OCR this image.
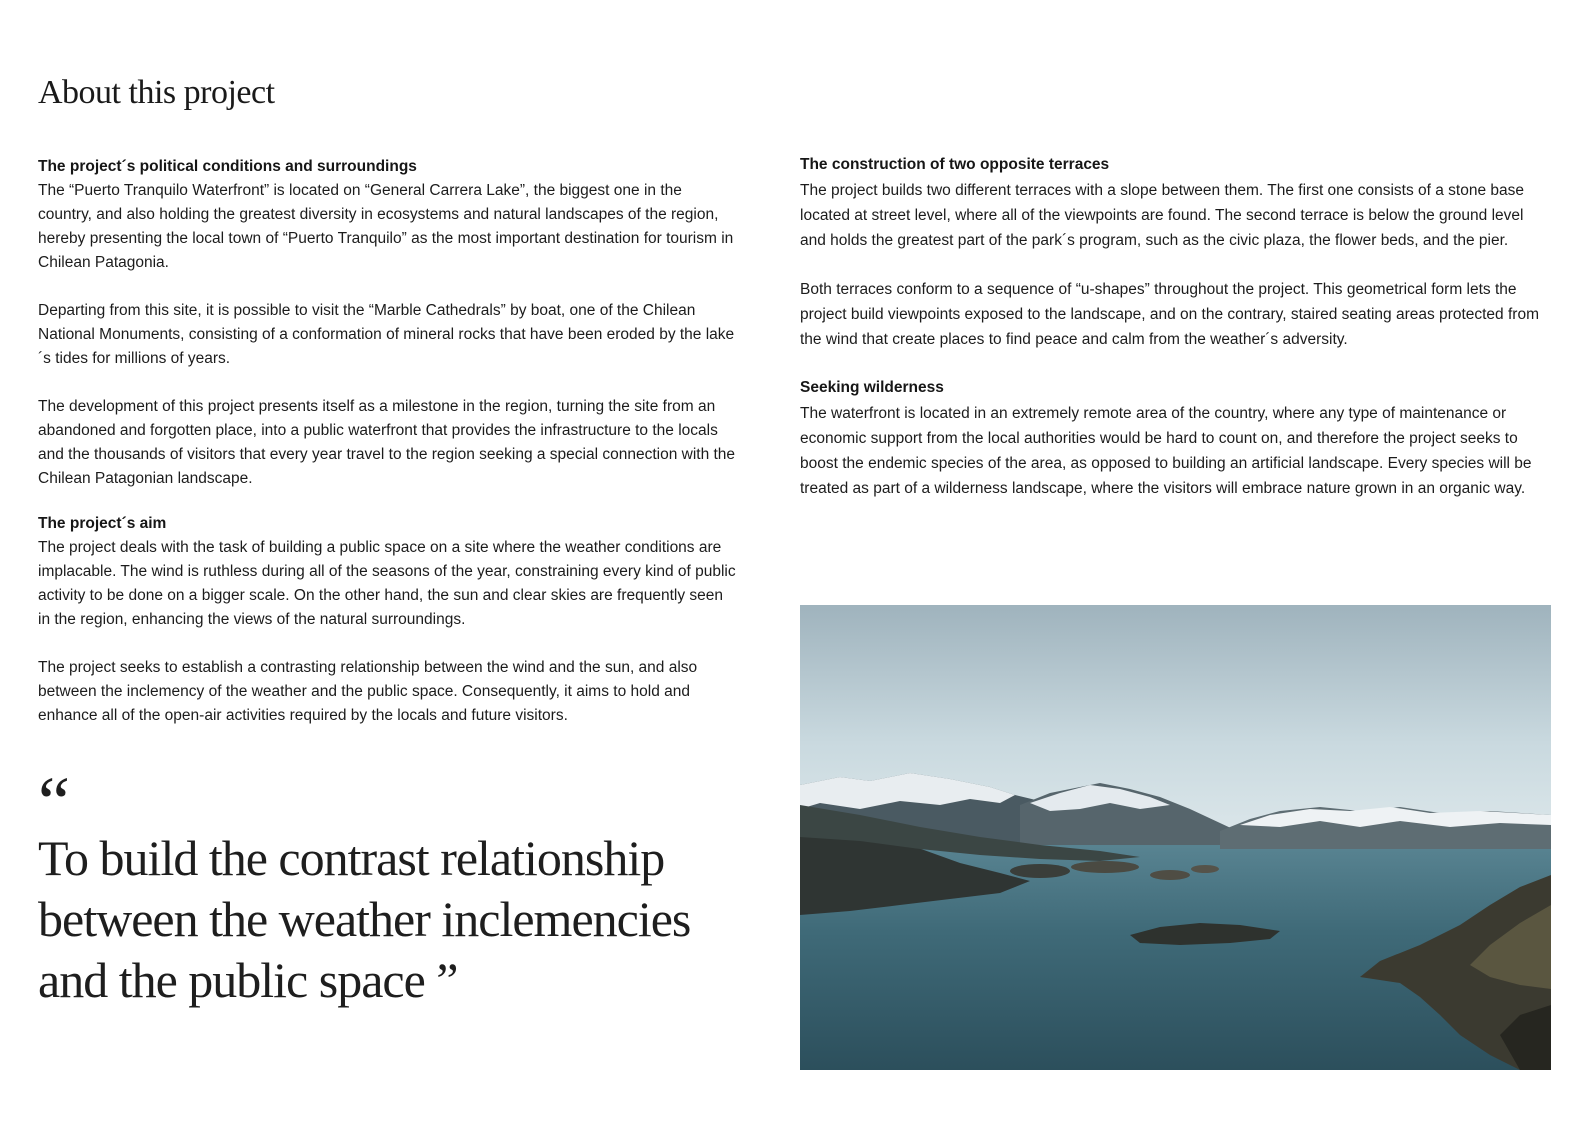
About this project
The project´s political conditions and surroundings

The “Puerto Tranquilo Waterfront” is located on “General Carrera Lake”, the biggest one in the country, and also holding the greatest diversity in ecosystems and natural landscapes of the region, hereby presenting the local town of “Puerto Tranquilo” as the most important destination for tourism in Chilean Patagonia.

Departing from this site, it is possible to visit the “Marble Cathedrals” by boat, one of the Chilean National Monuments, consisting of a conformation of mineral rocks that have been eroded by the lake´s tides for millions of years.

The development of this project presents itself as a milestone in the region, turning the site from an abandoned and forgotten place, into a public waterfront that provides the infrastructure to the locals and the thousands of visitors that every year travel to the region seeking a special connection with the Chilean Patagonian landscape.

The project´s aim

The project deals with the task of building a public space on a site where the weather conditions are implacable. The wind is ruthless during all of the seasons of the year, constraining every kind of public activity to be done on a bigger scale. On the other hand, the sun and clear skies are frequently seen in the region, enhancing the views of the natural surroundings.

The project seeks to establish a contrasting relationship between the wind and the sun, and also between the inclemency of the weather and the public space. Consequently, it aims to hold and enhance all of the open-air activities required by the locals and future visitors.

The construction of two opposite terraces

The project builds two different terraces with a slope between them. The first one consists of a stone base located at street level, where all of the viewpoints are found. The second terrace is below the ground level and holds the greatest part of the park´s program, such as the civic plaza, the flower beds, and the pier.

Both terraces conform to a sequence of “u-shapes” throughout the project. This geometrical form lets the project build viewpoints exposed to the landscape, and on the contrary, staired seating areas protected from the wind that create places to find peace and calm from the weather´s adversity.

Seeking wilderness

The waterfront is located in an extremely remote area of the country, where any type of maintenance or economic support from the local authorities would be hard to count on, and therefore the project seeks to boost the endemic species of the area, as opposed to building an artificial landscape. Every species will be treated as part of a wilderness landscape, where the visitors will embrace nature grown in an organic way.

“

To build the contrast relationship between the weather inclemencies and the public space ”
